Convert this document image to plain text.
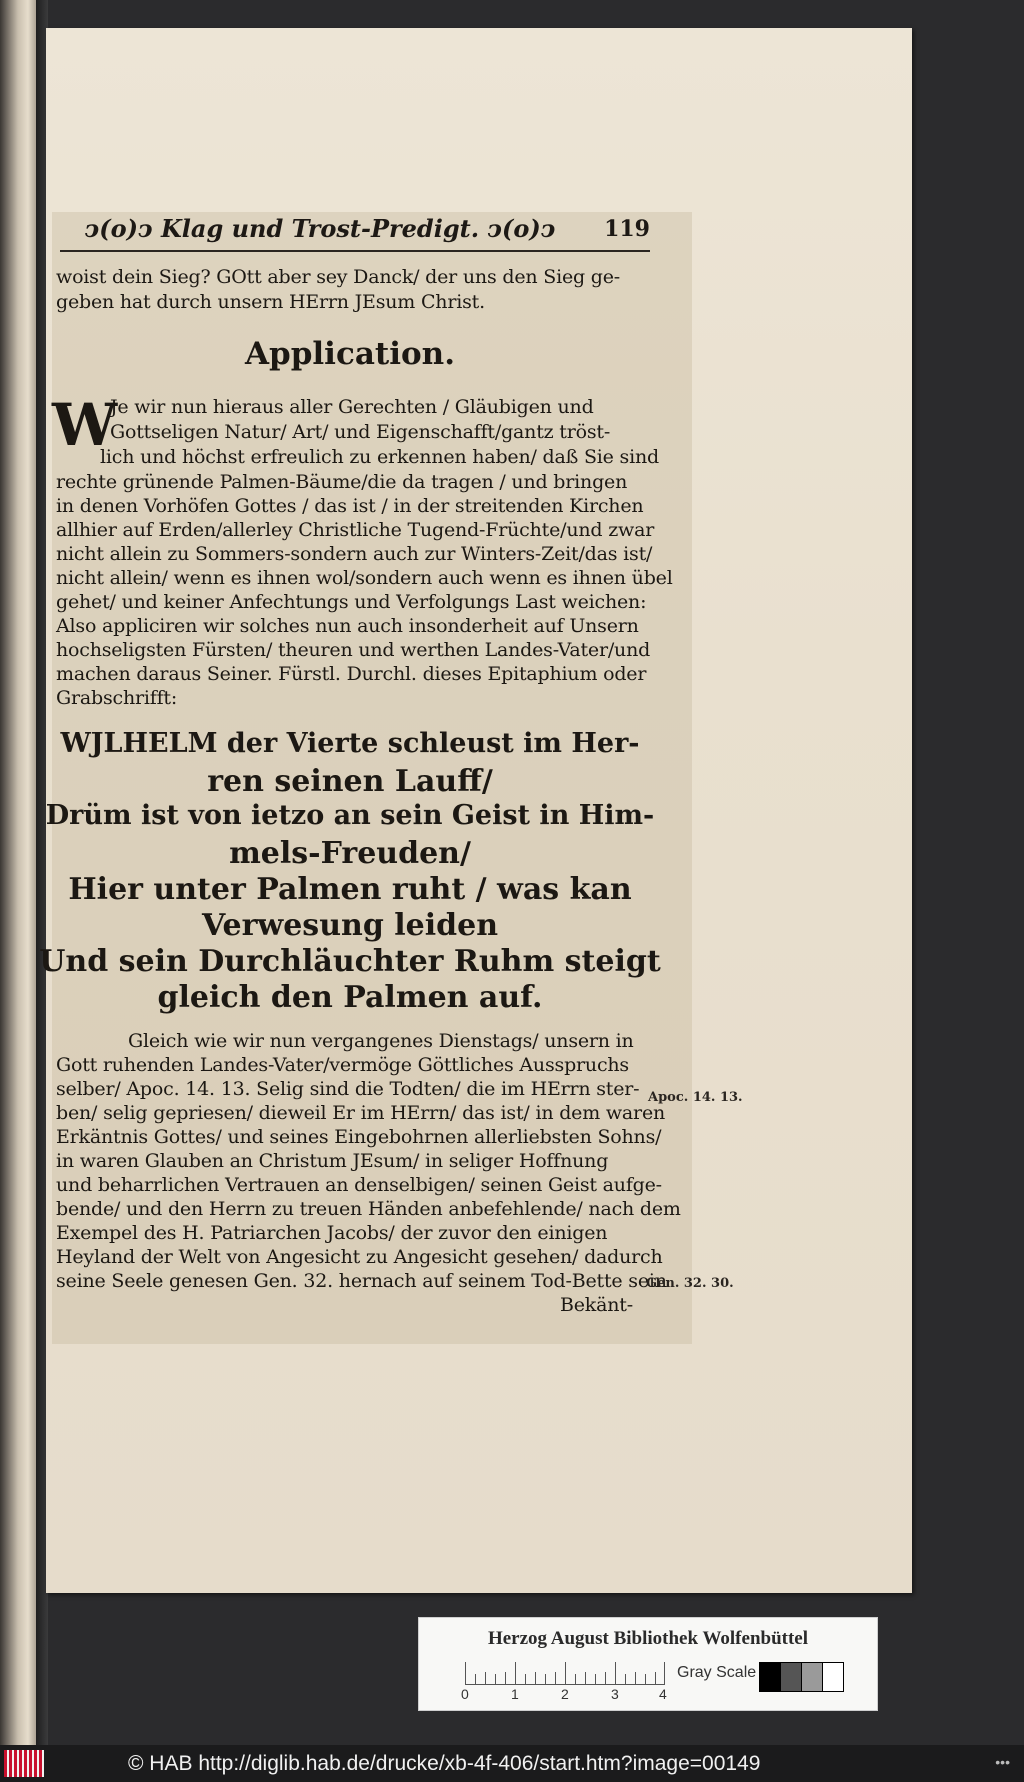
ↄ(o)ↄ Klag und Trost-Predigt. ↄ(o)ↄ	119
woist dein Sieg? GOtt aber sey Danck/ der uns den Sieg ge-
geben hat durch unsern HErrn JEsum Christ.
Application.
W
Je wir nun hieraus aller Gerechten / Gläubigen und
Gottseligen Natur/ Art/ und Eigenschafft/gantz tröst-
lich und höchst erfreulich zu erkennen haben/ daß Sie sind
rechte grünende Palmen-Bäume/die da tragen / und bringen
in denen Vorhöfen Gottes / das ist / in der streitenden Kirchen
allhier auf Erden/allerley Christliche Tugend-Früchte/und zwar
nicht allein zu Sommers-sondern auch zur Winters-Zeit/das ist/
nicht allein/ wenn es ihnen wol/sondern auch wenn es ihnen übel
gehet/ und keiner Anfechtungs und Verfolgungs Last weichen:
Also appliciren wir solches nun auch insonderheit auf Unsern
hochseligsten Fürsten/ theuren und werthen Landes-Vater/und
machen daraus Seiner. Fürstl. Durchl. dieses Epitaphium oder
Grabschrifft:
WJLHELM der Vierte schleust im Her-
ren seinen Lauff/
Drüm ist von ietzo an sein Geist in Him-
mels-Freuden/
Hier unter Palmen ruht / was kan
Verwesung leiden
Und sein Durchläuchter Ruhm steigt
gleich den Palmen auf.
Gleich wie wir nun vergangenes Dienstags/ unsern in
Gott ruhenden Landes-Vater/vermöge Göttliches Ausspruchs
selber/ Apoc. 14. 13. Selig sind die Todten/ die im HErrn ster-
ben/ selig gepriesen/ dieweil Er im HErrn/ das ist/ in dem waren
Erkäntnis Gottes/ und seines Eingebohrnen allerliebsten Sohns/
in waren Glauben an Christum JEsum/ in seliger Hoffnung
und beharrlichen Vertrauen an denselbigen/ seinen Geist aufge-
bende/ und den Herrn zu treuen Händen anbefehlende/ nach dem
Exempel des H. Patriarchen Jacobs/ der zuvor den einigen
Heyland der Welt von Angesicht zu Angesicht gesehen/ dadurch
seine Seele genesen Gen. 32. hernach auf seinem Tod-Bette sein
Bekänt-
Apoc. 14. 13.
Gen. 32. 30.
Herzog August Bibliothek Wolfenbüttel
0	1	2	3	4
Gray Scale
© HAB http://diglib.hab.de/drucke/xb-4f-406/start.htm?image=00149	•••
